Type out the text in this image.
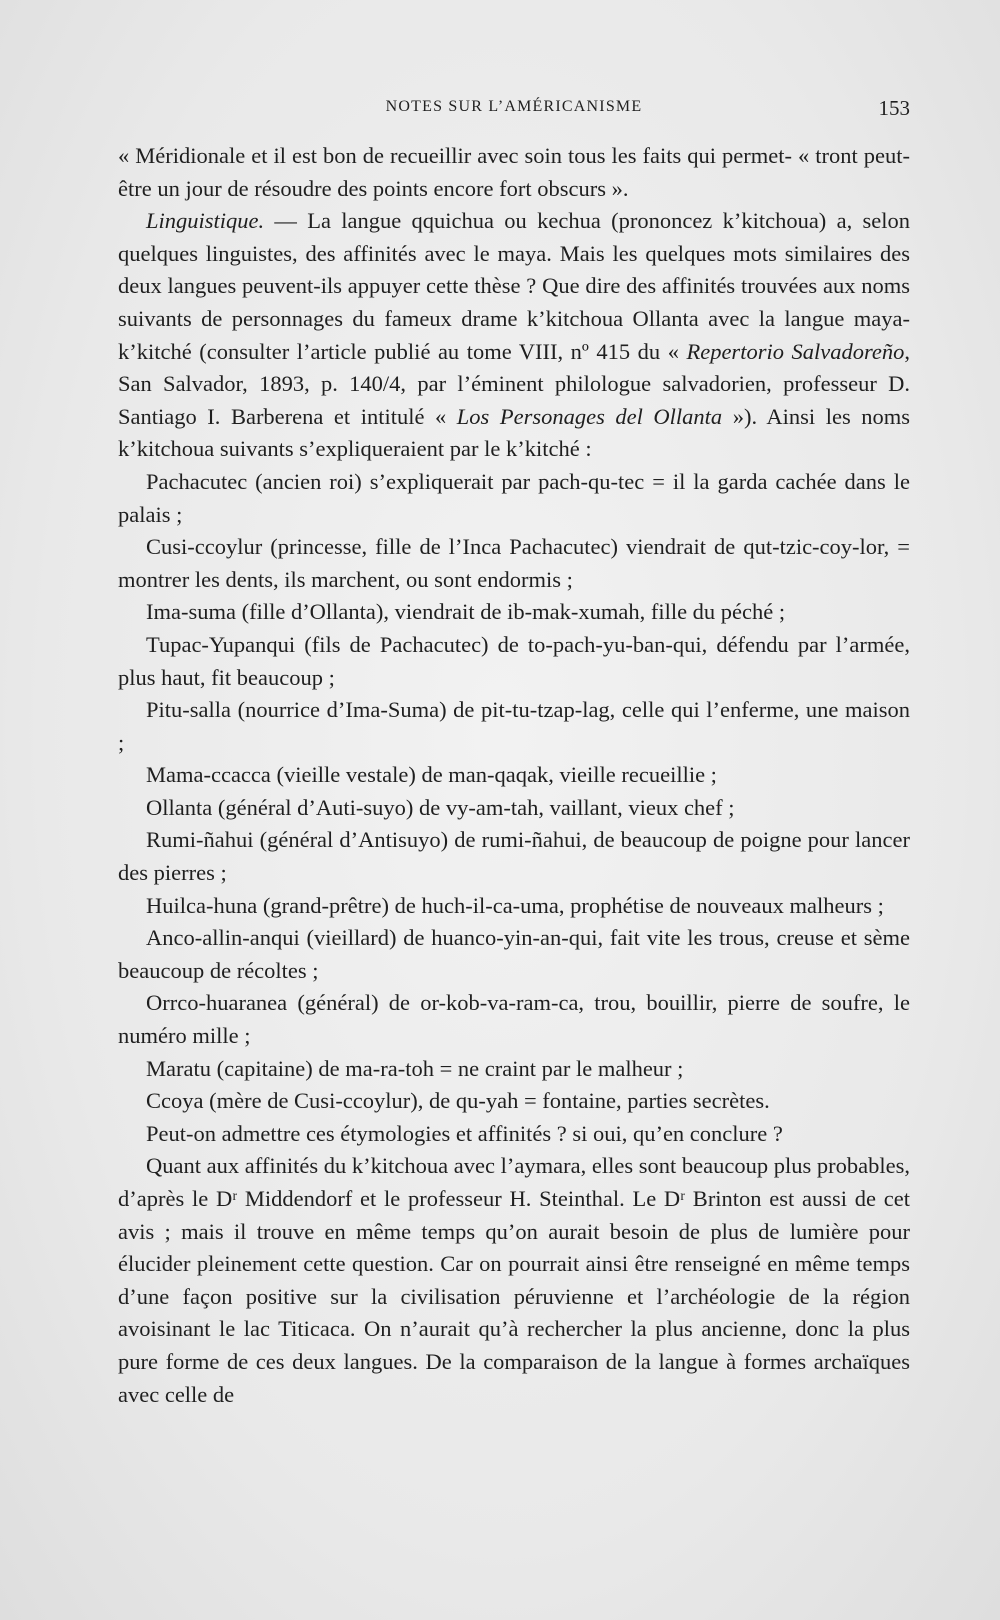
NOTES SUR L’AMÉRICANISME	153

« Méridionale et il est bon de recueillir avec soin tous les faits qui permet- « tront peut-être un jour de résoudre des points encore fort obscurs ».

Linguistique. — La langue qquichua ou kechua (prononcez k’kitchoua) a, selon quelques linguistes, des affinités avec le maya. Mais les quelques mots similaires des deux langues peuvent-ils appuyer cette thèse ? Que dire des affinités trouvées aux noms suivants de personnages du fameux drame k’kitchoua Ollanta avec la langue maya-k’kitché (consulter l’article publié au tome VIII, nº 415 du « Repertorio Salvadoreño, San Salvador, 1893, p. 140/4, par l’éminent philologue salvadorien, professeur D. Santiago I. Barberena et intitulé « Los Personages del Ollanta »). Ainsi les noms k’kitchoua suivants s’expliqueraient par le k’kitché :

Pachacutec (ancien roi) s’expliquerait par pach-qu-tec = il la garda cachée dans le palais ;

Cusi-ccoylur (princesse, fille de l’Inca Pachacutec) viendrait de qut-tzic-coy-lor, = montrer les dents, ils marchent, ou sont endormis ;

Ima-suma (fille d’Ollanta), viendrait de ib-mak-xumah, fille du péché ;

Tupac-Yupanqui (fils de Pachacutec) de to-pach-yu-ban-qui, défendu par l’armée, plus haut, fit beaucoup ;

Pitu-salla (nourrice d’Ima-Suma) de pit-tu-tzap-lag, celle qui l’enferme, une maison ;

Mama-ccacca (vieille vestale) de man-qaqak, vieille recueillie ;

Ollanta (général d’Auti-suyo) de vy-am-tah, vaillant, vieux chef ;

Rumi-ñahui (général d’Antisuyo) de rumi-ñahui, de beaucoup de poigne pour lancer des pierres ;

Huilca-huna (grand-prêtre) de huch-il-ca-uma, prophétise de nouveaux malheurs ;

Anco-allin-anqui (vieillard) de huanco-yin-an-qui, fait vite les trous, creuse et sème beaucoup de récoltes ;

Orrco-huaranea (général) de or-kob-va-ram-ca, trou, bouillir, pierre de soufre, le numéro mille ;

Maratu (capitaine) de ma-ra-toh = ne craint par le malheur ;

Ccoya (mère de Cusi-ccoylur), de qu-yah = fontaine, parties secrètes.

Peut-on admettre ces étymologies et affinités ? si oui, qu’en conclure ?

Quant aux affinités du k’kitchoua avec l’aymara, elles sont beaucoup plus probables, d’après le Dʳ Middendorf et le professeur H. Steinthal. Le Dʳ Brinton est aussi de cet avis ; mais il trouve en même temps qu’on aurait besoin de plus de lumière pour élucider pleinement cette question. Car on pourrait ainsi être renseigné en même temps d’une façon positive sur la civilisation péruvienne et l’archéologie de la région avoisinant le lac Titicaca. On n’aurait qu’à rechercher la plus ancienne, donc la plus pure forme de ces deux langues. De la comparaison de la langue à formes archaïques avec celle de
